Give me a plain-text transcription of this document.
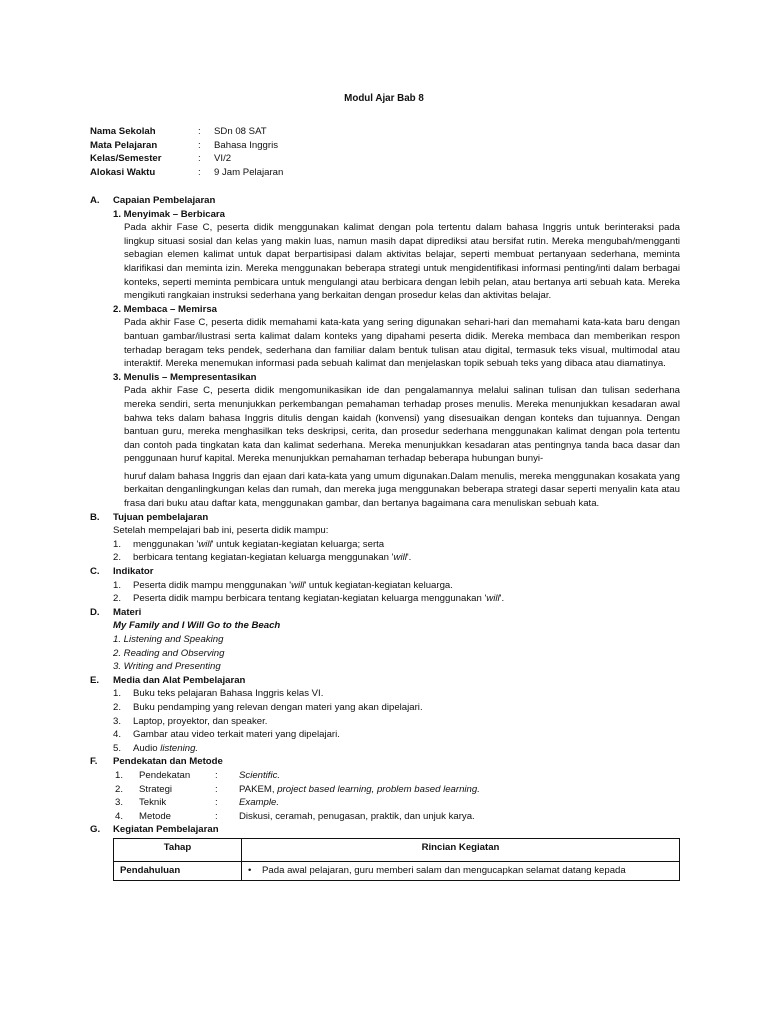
Modul Ajar Bab 8
Nama Sekolah	:	SDn 08 SAT
Mata Pelajaran	:	Bahasa Inggris
Kelas/Semester	:	VI/2
Alokasi Waktu	:	9 Jam Pelajaran
A.	Capaian Pembelajaran
1. Menyimak – Berbicara
Pada akhir Fase C, peserta didik menggunakan kalimat dengan pola tertentu dalam bahasa Inggris untuk berinteraksi pada lingkup situasi sosial dan kelas yang makin luas, namun masih dapat diprediksi atau bersifat rutin. Mereka mengubah/mengganti sebagian elemen kalimat untuk dapat berpartisipasi dalam aktivitas belajar, seperti membuat pertanyaan sederhana, meminta klarifikasi dan meminta izin. Mereka menggunakan beberapa strategi untuk mengidentifikasi informasi penting/inti dalam berbagai konteks, seperti meminta pembicara untuk mengulangi atau berbicara dengan lebih pelan, atau bertanya arti sebuah kata. Mereka mengikuti rangkaian instruksi sederhana yang berkaitan dengan prosedur kelas dan aktivitas belajar.
2. Membaca – Memirsa
Pada akhir Fase C, peserta didik memahami kata-kata yang sering digunakan sehari-hari dan memahami kata-kata baru dengan bantuan gambar/ilustrasi serta kalimat dalam konteks yang dipahami peserta didik. Mereka membaca dan memberikan respon terhadap beragam teks pendek, sederhana dan familiar dalam bentuk tulisan atau digital, termasuk teks visual, multimodal atau interaktif. Mereka menemukan informasi pada sebuah kalimat dan menjelaskan topik sebuah teks yang dibaca atau diamatinya.
3. Menulis – Mempresentasikan
Pada akhir Fase C, peserta didik mengomunikasikan ide dan pengalamannya melalui salinan tulisan dan tulisan sederhana mereka sendiri, serta menunjukkan perkembangan pemahaman terhadap proses menulis. Mereka menunjukkan kesadaran awal bahwa teks dalam bahasa Inggris ditulis dengan kaidah (konvensi) yang disesuaikan dengan konteks dan tujuannya. Dengan bantuan guru, mereka menghasilkan teks deskripsi, cerita, dan prosedur sederhana menggunakan kalimat dengan pola tertentu dan contoh pada tingkatan kata dan kalimat sederhana. Mereka menunjukkan kesadaran atas pentingnya tanda baca dasar dan penggunaan huruf kapital. Mereka menunjukkan pemahaman terhadap beberapa hubungan bunyi-
huruf dalam bahasa Inggris dan ejaan dari kata-kata yang umum digunakan.Dalam menulis, mereka menggunakan kosakata yang berkaitan denganlingkungan kelas dan rumah, dan mereka juga menggunakan beberapa strategi dasar seperti menyalin kata atau frasa dari buku atau daftar kata, menggunakan gambar, dan bertanya bagaimana cara menuliskan sebuah kata.
B.	Tujuan pembelajaran
Setelah mempelajari bab ini, peserta didik mampu:
1.	menggunakan 'will' untuk kegiatan-kegiatan keluarga; serta
2.	berbicara tentang kegiatan-kegiatan keluarga menggunakan 'will'.
C.	Indikator
1.	Peserta didik mampu menggunakan 'will' untuk kegiatan-kegiatan keluarga.
2.	Peserta didik mampu berbicara tentang kegiatan-kegiatan keluarga menggunakan 'will'.
D.	Materi
My Family and I Will Go to the Beach
1. Listening and Speaking
2. Reading and Observing
3. Writing and Presenting
E.	Media dan Alat Pembelajaran
1.	Buku teks pelajaran Bahasa Inggris kelas VI.
2.	Buku pendamping yang relevan dengan materi yang akan dipelajari.
3.	Laptop, proyektor, dan speaker.
4.	Gambar atau video terkait materi yang dipelajari.
5.	Audio listening.
F.	Pendekatan dan Metode
1.	Pendekatan	:	Scientific.
2.	Strategi	:	PAKEM, project based learning, problem based learning.
3.	Teknik	:	Example.
4.	Metode	:	Diskusi, ceramah, penugasan, praktik, dan unjuk karya.
G.	Kegiatan Pembelajaran
Tahap	Rincian Kegiatan
Pendahuluan	• Pada awal pelajaran, guru memberi salam dan mengucapkan selamat datang kepada
